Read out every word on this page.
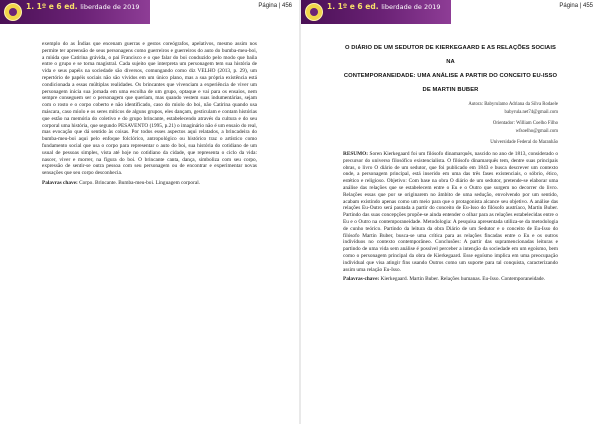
1. 1º e 6 ed. liberdade de 2019	Página | 456

exemplo do as Índias que encenam guerras e gestos coreógrafos, apelativos, mesmo assim nos permite ter apreensão de seus personagens como guerreiros e guerreiros do auto do bumba-meu-boi, a miúda que Catirina grávida, o pai Francisco e o que falar do boi conduzido pelo modo que baila entre o grupo e se torna magistral. Cada sujeito que interpreta um personagem tem sua história de vida e seus papéis na sociedade são diversos, comungando como diz VELHO (2013, p. 29), um repertório de papéis sociais não são vividos em um único plano, mas a sua própria existência está condicionada a essas múltiplas realidades. Os brincantes que vivenciam a experiência de viver um personagem inicia sua jornada em uma escolha de um grupo, optaque e vai para os ensaios, nem sempre conseguem ser o personagem que queriam, mas quando vestem suas indumentárias, sejam com o rosto e o corpo coberto e não identificado, caso do miolo do boi, não Catirina quando usa máscara, caso miolo e os seres míticos de alguns grupos, eles dançam, gesticulam e contam histórias que estão na memória do coletivo e do grupo brincante, estabelecendo através da cultura e do seu corporal uma história, que segundo PESAVENTO (1995, p.21) o imaginário não é um ensaio do real, mas evocação que dá sentido às coisas. Por todos esses aspectos aqui relatados, a brincadeira do bumba-meu-boi aqui pelo enfoque folclórico, antropológico ou histórico traz o artístico como fundamento social que usa o corpo para representar o auto do boi, sua história do cotidiano de um usual de pessoas simples, vista até hoje no cotidiano da cidade, que representa o ciclo da vida: nascer, viver e morrer, na figura do boi. O brincante canta, dança, simboliza com seu corpo, expressão de sentir-se outra pessoa com seu personagem ou de encontrar e experimentar novas sensações que seu corpo desconhecia.

Palavras chave: Corpo. Brincante. Bumba-meu-boi. Linguagem corporal.

1. 1º e 6 ed. liberdade de 2019	Página | 455
O DIÁRIO DE UM SEDUTOR DE KIERKEGAARD E AS RELAÇÕES SOCIAIS NA
CONTEMPORANEIDADE: UMA ANÁLISE A PARTIR DO CONCEITO EU-ISSO
DE MARTIN BUBER
Autora: Babyrulamo Adriana da Silva Rodaele
babyrula.net74@gmail.com
Orientador: William Coelho Filho
wfsoelho@gmail.com
Universidade Federal do Maranhão

RESUMO: Soren Kierkegaard foi um filósofo dinamarquês, nascido no ano de 1813, considerado o precursor do universo filosófico existencialista. O filósofo dinamarquês tem, dentre suas principais obras, o livro O diário de um sedutor, que foi publicado em 1843 e busca descrever um contexto onde, a personagem principal, está inserido em uma das três fases existenciais, o sóbrio, ético, estético e religioso. Objetivo: Com base na obra O diário de um sedutor, pretende-se elaborar uma análise das relações que se estabelecem entre o Eu e o Outro que surgem no decorrer do livro. Relações essas que por se originarem no âmbito de uma sedução, envolvendo por um sentido, acabam existindo apenas como um meio para que o protagonista alcance seu objetivo. A análise das relações Eu-Outro será pautada a partir do conceito de Eu-Isso do filósofo austríaco, Martin Buber. Partindo das suas concepções propõe-se ainda entender o olhar para as relações estabelecidas entre o Eu e o Outro na contemporaneidade. Metodologia: A pesquisa apresentada utiliza-se da metodologia de cunho teórico. Partindo da leitura da obra Diário de um Sedutor e o conceito de Eu-Isso do filósofo Martin Buber, busca-se uma crítica para as relações fincadas entre o Eu e os outros indivíduos no contexto contemporâneo. Conclusões: A partir das supramencionadas leituras e partindo de uma vida sem análise é possível perceber a intenção da sociedade em um egoísmo, bem como o personagem principal da obra de Kierkegaard. Esse egoísmo implica em uma preocupação individual que visa atingir fins usando Outros como um suporte para tal conquista, caracterizando assim uma relação Eu-Isso.

Palavras-chave: Kierkegaard. Martin Buber. Relações humanas. Eu-Isso. Contemporaneidade.
